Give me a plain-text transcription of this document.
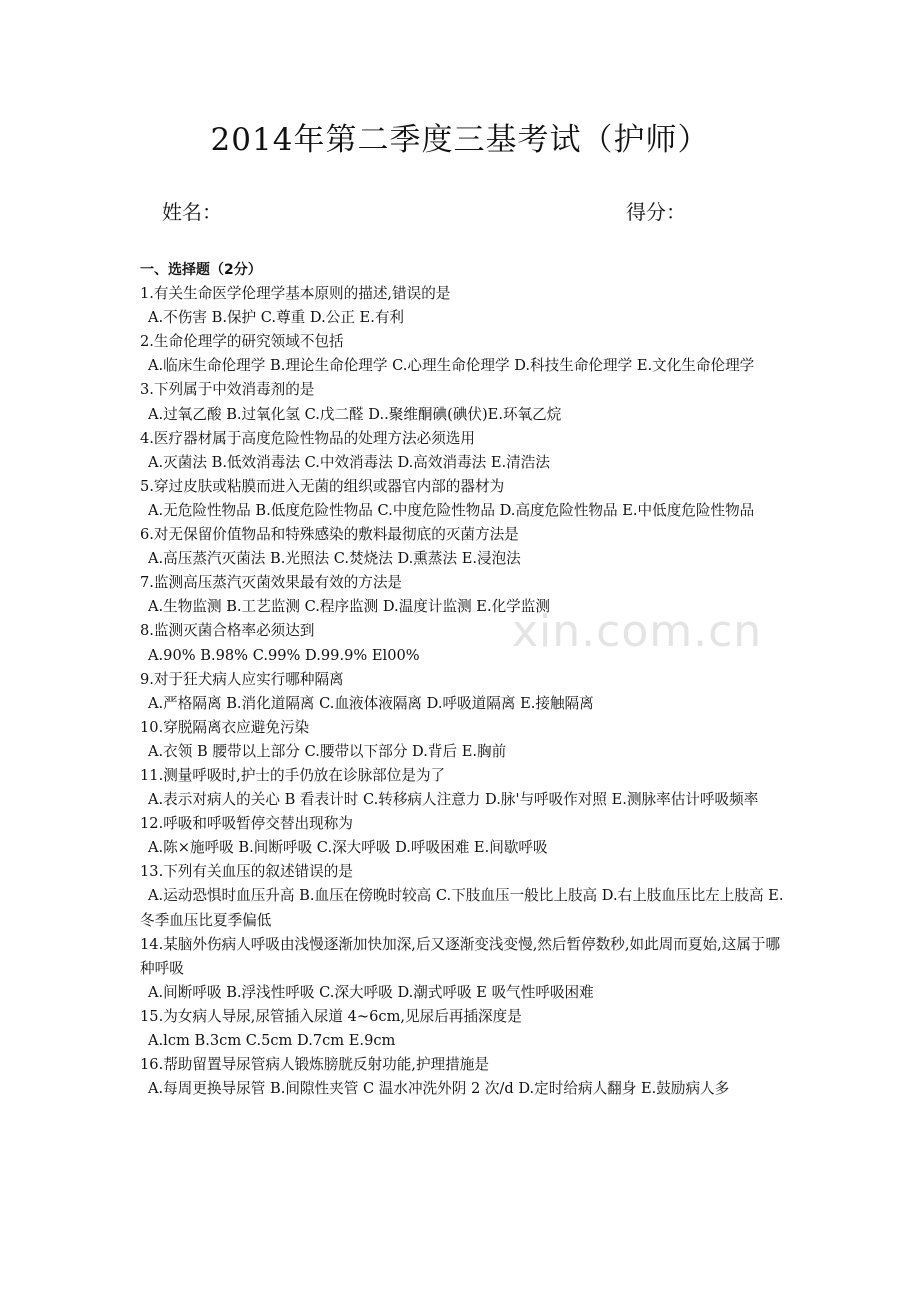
xin.com.cn
2014年第二季度三基考试（护师）
姓名：	得分：
一、选择题（2分）

1.有关生命医学伦理学基本原则的描述,错误的是

A.不伤害 B.保护 C.尊重 D.公正 E.有利

2.生命伦理学的研究领域不包括

A.临床生命伦理学 B.理论生命伦理学 C.心理生命伦理学 D.科技生命伦理学 E.文化生命伦理学

3.下列属于中效消毒剂的是

A.过氧乙酸 B.过氧化氢 C.戊二醛 D..聚维酮碘(碘伏)E.环氧乙烷

4.医疗器材属于高度危险性物品的处理方法必须选用

A.灭菌法 B.低效消毒法 C.中效消毒法 D.高效消毒法 E.清浩法

5.穿过皮肤或粘膜而进入无菌的组织或器官内部的器材为

A.无危险性物品 B.低度危险性物品 C.中度危险性物品 D.高度危险性物品 E.中低度危险性物品

6.对无保留价值物品和特殊感染的敷料最彻底的灭菌方法是

A.高压蒸汽灭菌法 B.光照法 C.焚烧法 D.熏蒸法 E.浸泡法

7.监测高压蒸汽灭菌效果最有效的方法是

A.生物监测 B.工艺监测 C.程序监测 D.温度计监测 E.化学监测

8.监测灭菌合格率必须达到

A.90% B.98% C.99% D.99.9% El00%

9.对于狂犬病人应实行哪种隔离

A.严格隔离 B.消化道隔离 C.血液体液隔离 D.呼吸道隔离 E.接触隔离

10.穿脱隔离衣应避免污染

A.衣领 B 腰带以上部分 C.腰带以下部分 D.背后 E.胸前

11.测量呼吸时,护士的手仍放在诊脉部位是为了

A.表示对病人的关心 B 看表计时 C.转移病人注意力 D.脉'与呼吸作对照 E.测脉率估计呼吸频率

12.呼吸和呼吸暂停交替出现称为

A.陈×施呼吸 B.间断呼吸 C.深大呼吸 D.呼吸困难 E.间歇呼吸

13.下列有关血压的叙述错误的是

A.运动恐惧时血压升高 B.血压在傍晚时较高 C.下肢血压一般比上肢高 D.右上肢血压比左上肢高 E.冬季血压比夏季偏低

14.某脑外伤病人呼吸由浅慢逐渐加快加深,后又逐渐变浅变慢,然后暂停数秒,如此周而夏始,这属于哪种呼吸

A.间断呼吸 B.浮浅性呼吸 C.深大呼吸 D.潮式呼吸 E 吸气性呼吸困难

15.为女病人导尿,尿管插入尿道 4~6cm,见尿后再插深度是

A.lcm B.3cm C.5cm D.7cm E.9cm

16.帮助留置导尿管病人锻炼膀胱反射功能,护理措施是

A.每周更换导尿管 B.间隙性夹管 C 温水冲洗外阴 2 次/d D.定时给病人翻身 E.鼓励病人多
